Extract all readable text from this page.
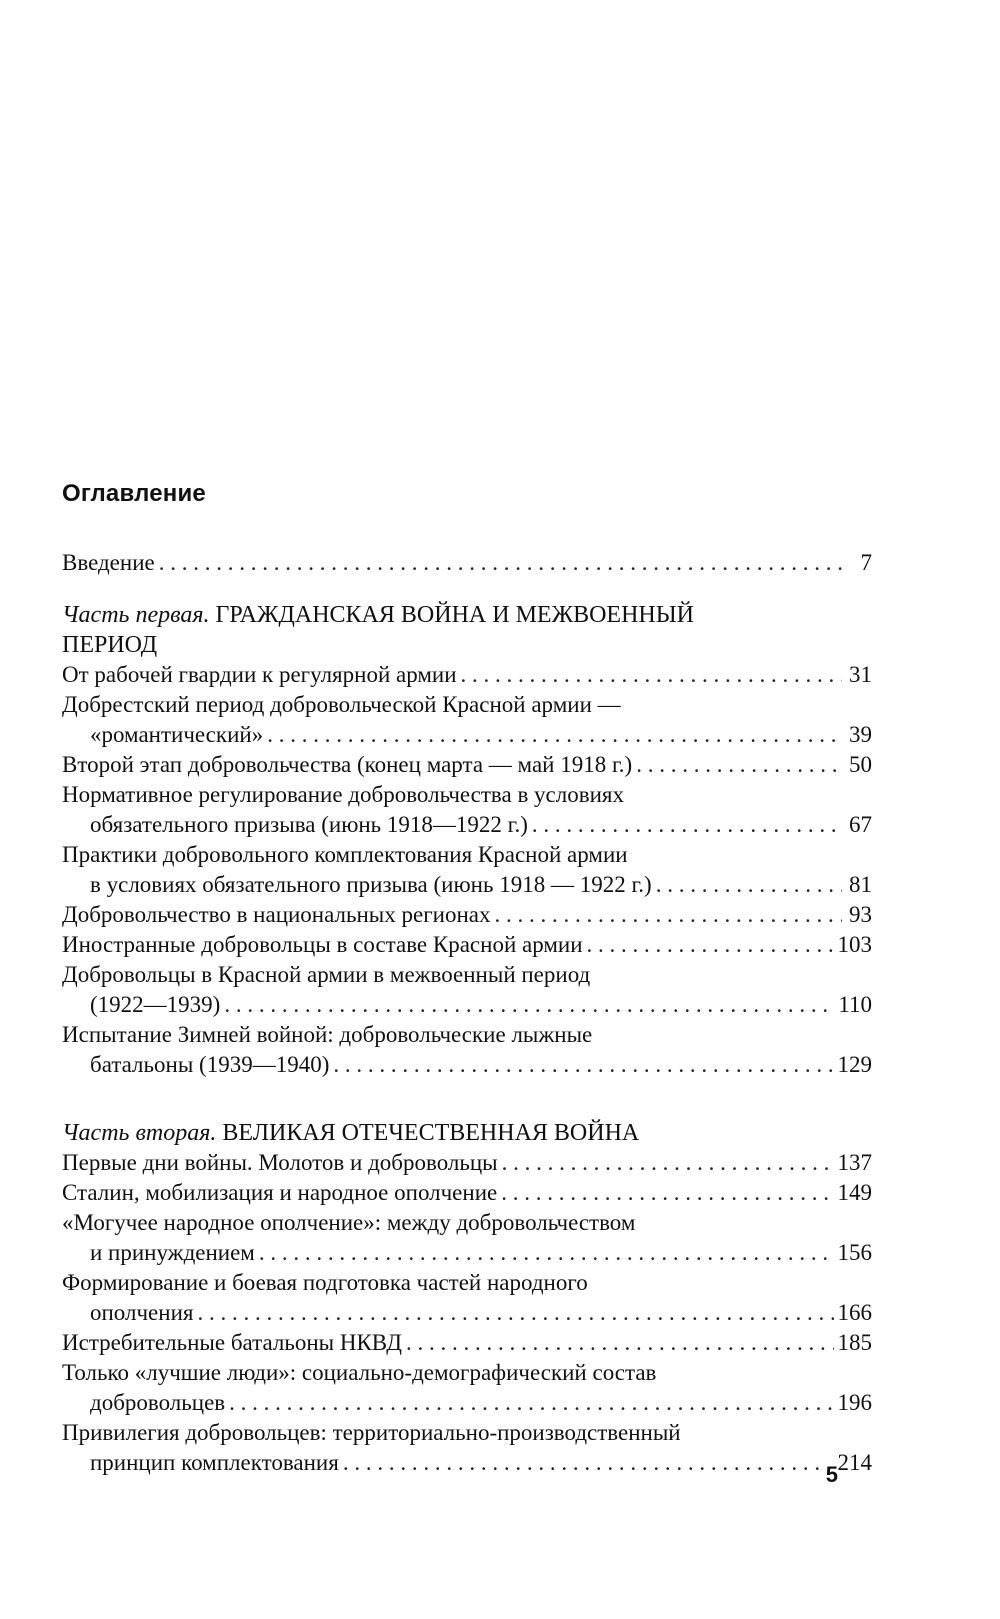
Оглавление
Введение . . .	7
Часть первая. ГРАЖДАНСКАЯ ВОЙНА И МЕЖВОЕННЫЙ
ПЕРИОД
От рабочей гвардии к регулярной армии . . .	31
Добрестский период добровольческой Красной армии —
«романтический» . . .	39
Второй этап добровольчества (конец марта — май 1918 г.) . . .	50
Нормативное регулирование добровольчества в условиях
обязательного призыва (июнь 1918—1922 г.) . . .	67
Практики добровольного комплектования Красной армии
в условиях обязательного призыва (июнь 1918 — 1922 г.) . . .	81
Добровольчество в национальных регионах . . .	93
Иностранные добровольцы в составе Красной армии . . .	103
Добровольцы в Красной армии в межвоенный период
(1922—1939) . . .	110
Испытание Зимней войной: добровольческие лыжные
батальоны (1939—1940) . . .	129
Часть вторая. ВЕЛИКАЯ ОТЕЧЕСТВЕННАЯ ВОЙНА
Первые дни войны. Молотов и добровольцы . . .	137
Сталин, мобилизация и народное ополчение . . .	149
«Могучее народное ополчение»: между добровольчеством
и принуждением . . .	156
Формирование и боевая подготовка частей народного
ополчения . . .	166
Истребительные батальоны НКВД . . .	185
Только «лучшие люди»: социально-демографический состав
добровольцев . . .	196
Привилегия добровольцев: территориально-производственный
принцип комплектования . . .	214
5
